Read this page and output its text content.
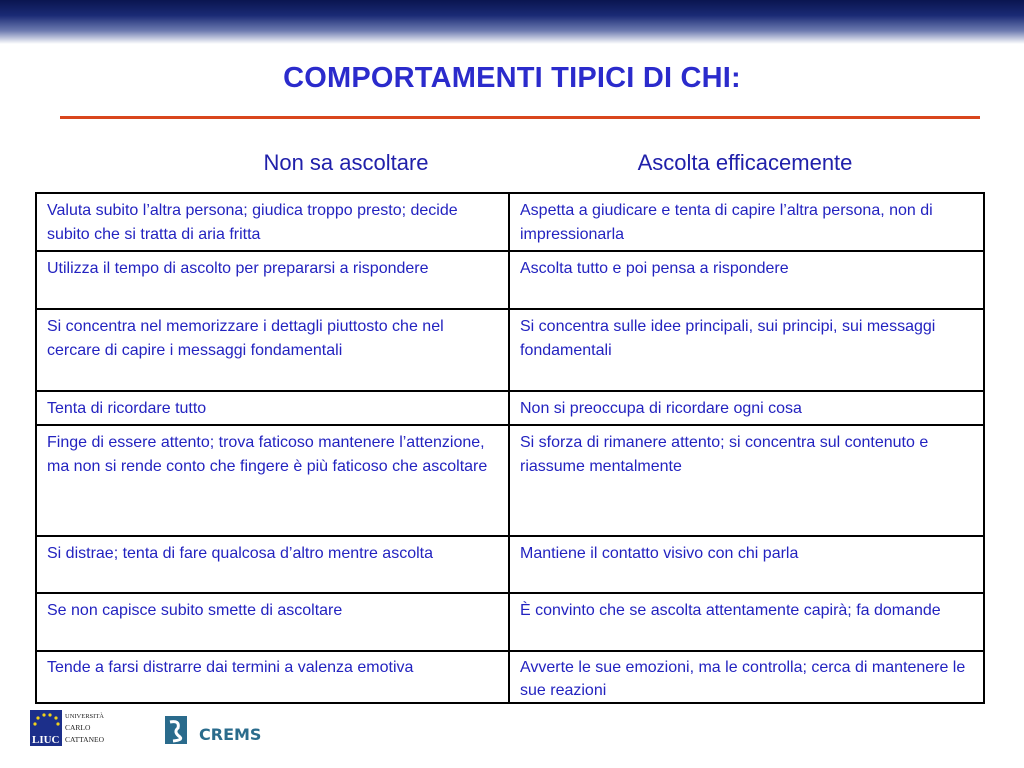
COMPORTAMENTI TIPICI DI CHI:
Non sa ascoltare	Ascolta efficacemente
Valuta subito l’altra persona; giudica troppo presto; decide subito che si tratta di aria fritta	Aspetta a giudicare e tenta di capire l’altra persona, non di impressionarla
Utilizza il tempo di ascolto per prepararsi a rispondere	Ascolta tutto e poi pensa a rispondere
Si concentra nel memorizzare i dettagli piuttosto che nel cercare di capire i messaggi fondamentali	Si concentra sulle idee principali, sui principi, sui messaggi fondamentali
Tenta di ricordare tutto	Non si preoccupa di ricordare ogni cosa
Finge di essere attento; trova faticoso mantenere l’attenzione, ma non si rende conto che fingere è più faticoso che ascoltare	Si sforza di rimanere attento; si concentra sul contenuto e riassume mentalmente
Si distrae; tenta di fare qualcosa d’altro mentre ascolta	Mantiene il contatto visivo con chi parla
Se non capisce subito smette di ascoltare	È convinto che se ascolta attentamente capirà; fa domande
Tende a farsi distrarre dai termini a valenza emotiva	Avverte le sue emozioni, ma le controlla; cerca di mantenere le sue reazioni
LIUC
UNIVERSITÀ
CARLO
CATTANEO	CREMS
